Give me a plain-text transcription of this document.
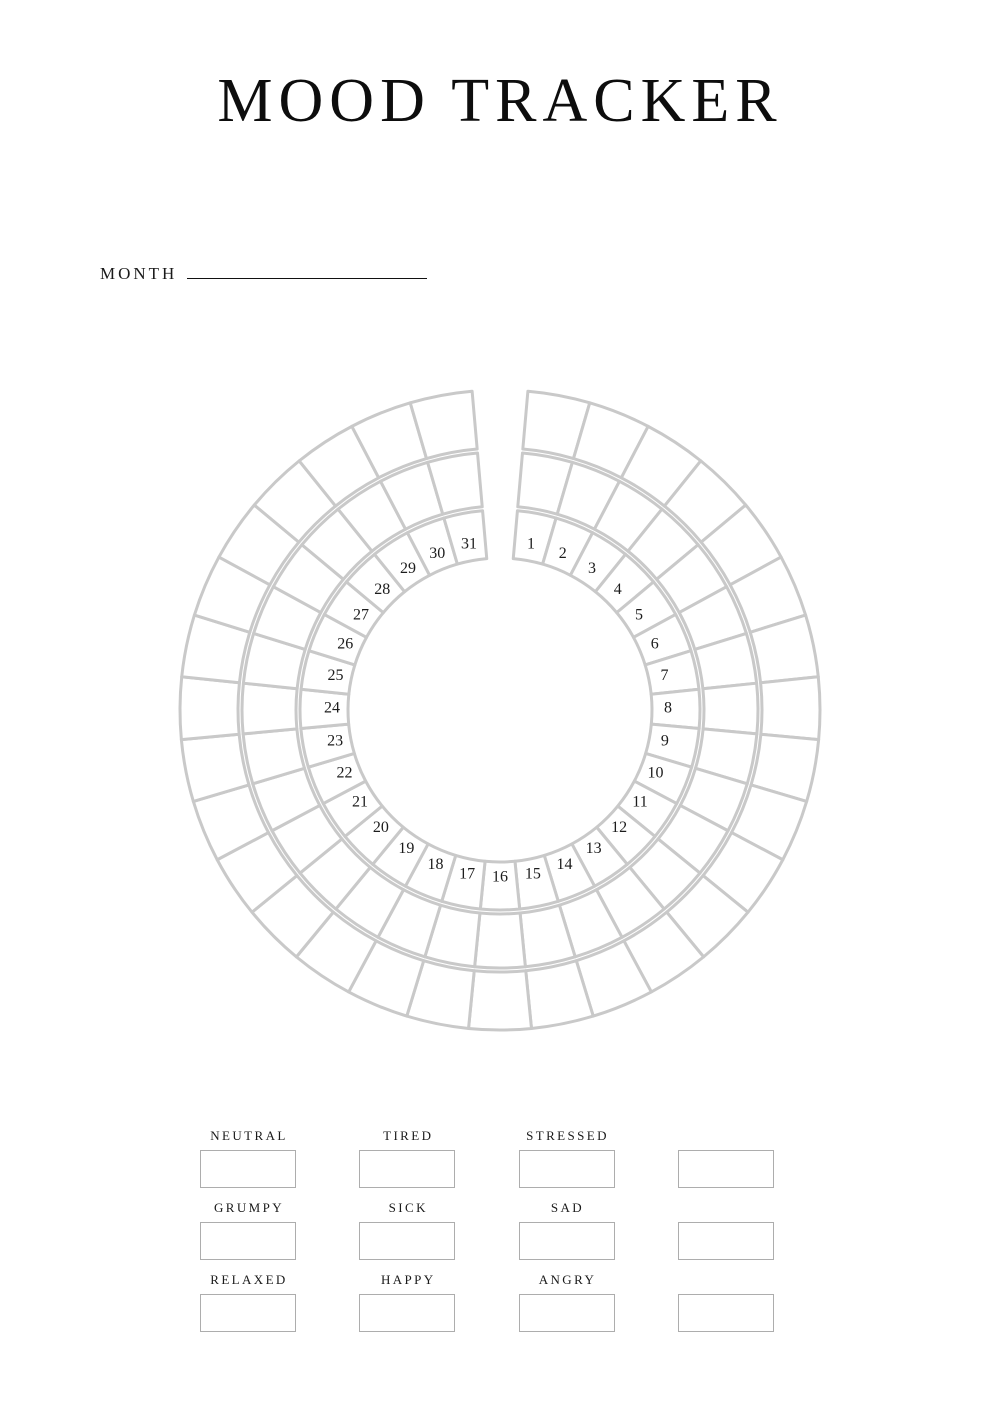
MOOD TRACKER
MONTH
1
2
3
4
5
6
7
8
9
10
11
12
13
14
15
16
17
18
19
20
21
22
23
24
25
26
27
28
29
30
31
NEUTRAL	TIRED	STRESSED
GRUMPY	SICK	SAD
RELAXED	HAPPY	ANGRY
